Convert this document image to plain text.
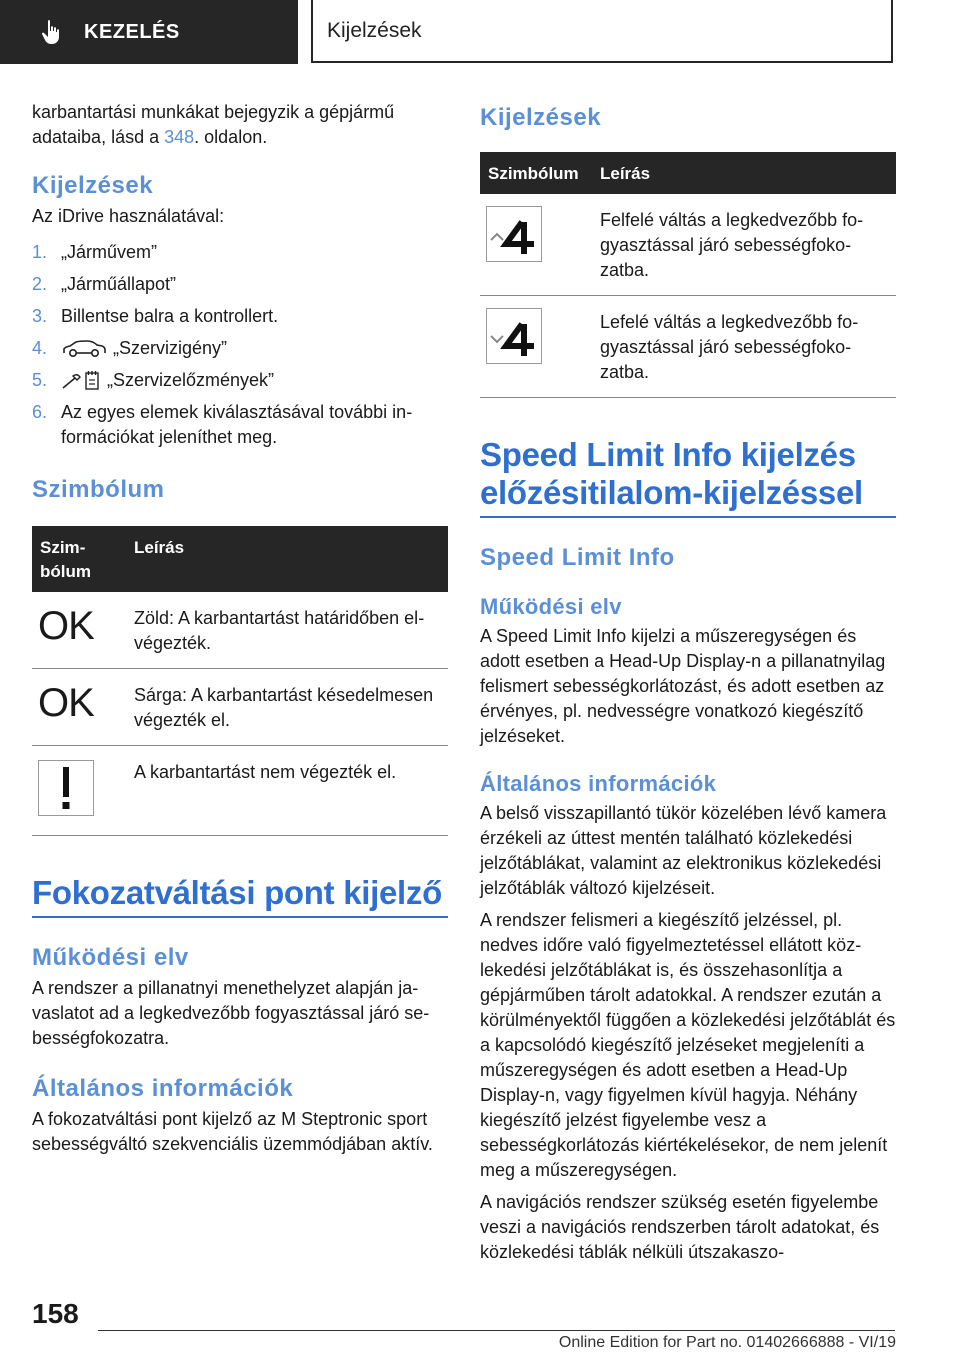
KEZELÉS	Kijelzések

karbantartási munkákat bejegyzik a gépjármű adataiba, lásd a 348. oldalon.

Kijelzések

Az iDrive használatával:

1. „Járművem”
2. „Járműállapot”
3. Billentse balra a kontrollert.
4.	„Szervizigény”
5.	„Szervizelőzmények”
6. Az egyes elemek kiválasztásával további információkat jeleníthet meg.
Szimbólum
Szimbólum	Leírás
OK	Zöld: A karbantartást határidőben elvégezték.
OK	Sárga: A karbantartást késedelmesen végezték el.
	A karbantartást nem végezték el.
Fokozatváltási pont kijelző
Működési elv

A rendszer a pillanatnyi menethelyzet alapján javaslatot ad a legkedvezőbb fogyasztással járó sebességfokozatra.

Általános információk

A fokozatváltási pont kijelző az M Steptronic sport sebességváltó szekvenciális üzemmódjában aktív.

Kijelzések
Szimbólum	Leírás
	Felfelé váltás a legkedvezőbb fogyasztással járó sebességfokozatba.
	Lefelé váltás a legkedvezőbb fogyasztással járó sebességfokozatba.
Speed Limit Info kijelzés előzésitilalom-kijelzéssel
Speed Limit Info
Működési elv

A Speed Limit Info kijelzi a műszeregységen és adott esetben a Head-Up Display-n a pillanatnyilag felismert sebességkorlátozást, és adott esetben az érvényes, pl. nedvességre vonatkozó kiegészítő jelzéseket.

Általános információk

A belső visszapillantó tükör közelében lévő kamera érzékeli az úttest mentén található közlekedési jelzőtáblákat, valamint az elektronikus közlekedési jelzőtáblák változó kijelzéseit.

A rendszer felismeri a kiegészítő jelzéssel, pl. nedves időre való figyelmeztetéssel ellátott közlekedési jelzőtáblákat is, és összehasonlítja a gépjárműben tárolt adatokkal. A rendszer ezután a körülményektől függően a közlekedési jelzőtáblát és a kapcsolódó kiegészítő jelzéseket megjeleníti a műszeregységen és adott esetben a Head-Up Display-n, vagy figyelmen kívül hagyja. Néhány kiegészítő jelzést figyelembe vesz a sebességkorlátozás kiértékelésekor, de nem jelenít meg a műszeregységen.

A navigációs rendszer szükség esetén figyelembe veszi a navigációs rendszerben tárolt adatokat, és közlekedési táblák nélküli útszakaszo-

158
Online Edition for Part no. 01402666888 - VI/19
